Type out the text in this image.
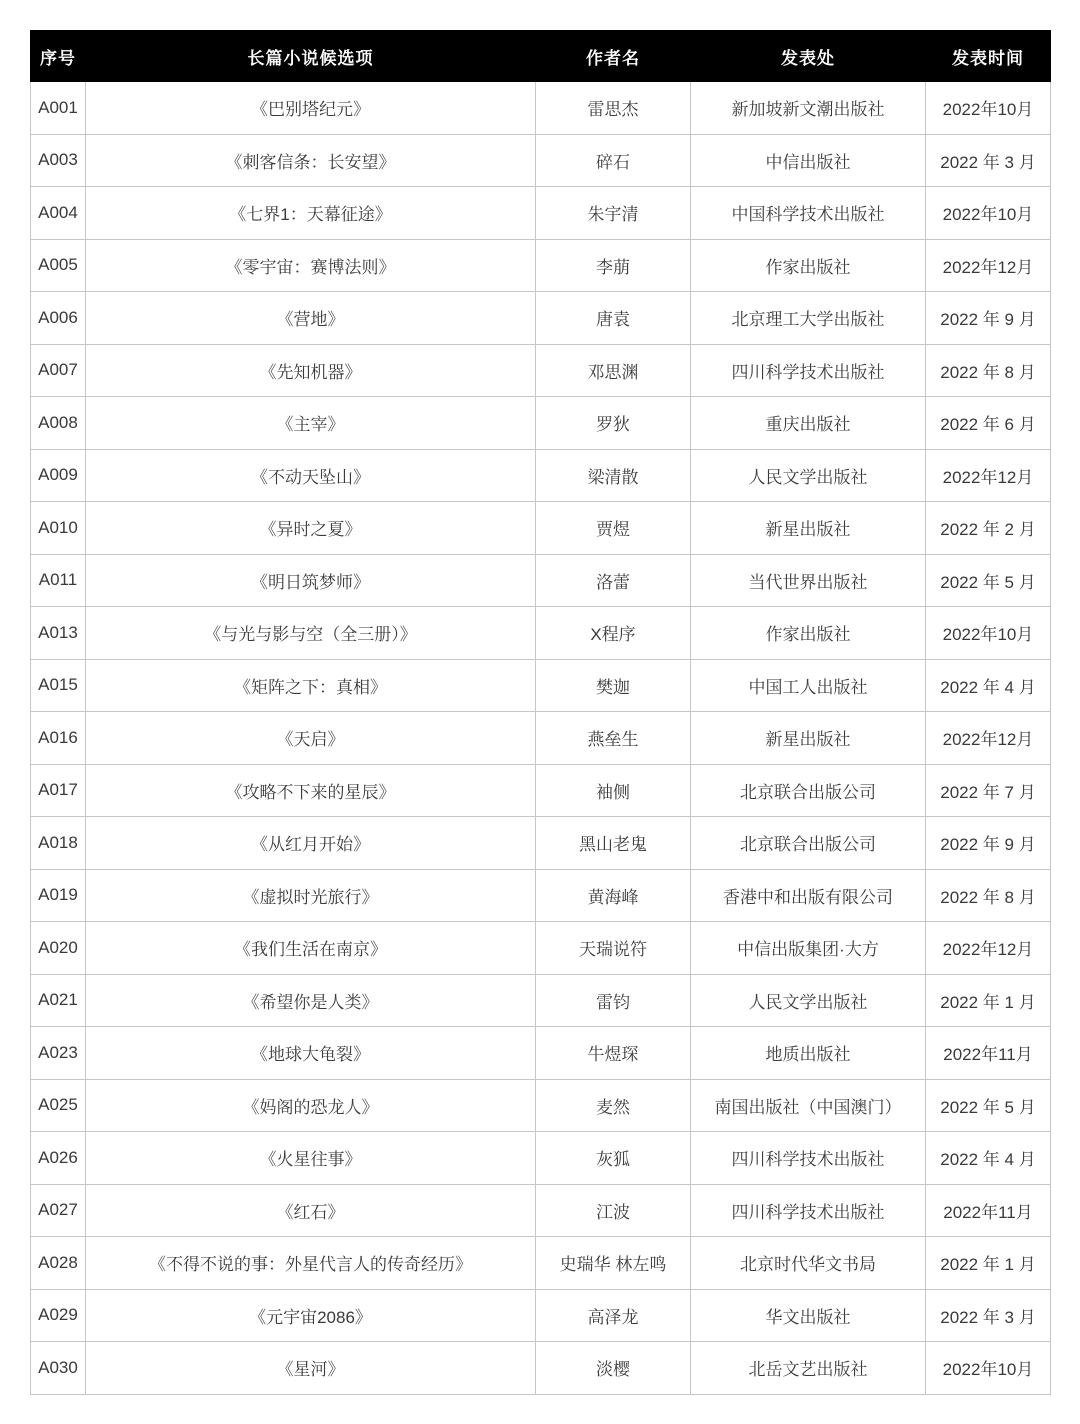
序号	长篇小说候选项	作者名	发表处	发表时间
A001	《巴别塔纪元》	雷思杰	新加坡新文潮出版社	2022年10月
A003	《刺客信条：长安望》	碎石	中信出版社	2022 年 3 月
A004	《七界1：天幕征途》	朱宇清	中国科学技术出版社	2022年10月
A005	《零宇宙：赛博法则》	李萠	作家出版社	2022年12月
A006	《营地》	唐袁	北京理工大学出版社	2022 年 9 月
A007	《先知机器》	邓思渊	四川科学技术出版社	2022 年 8 月
A008	《主宰》	罗狄	重庆出版社	2022 年 6 月
A009	《不动天坠山》	梁清散	人民文学出版社	2022年12月
A010	《异时之夏》	贾煜	新星出版社	2022 年 2 月
A011	《明日筑梦师》	洛蕾	当代世界出版社	2022 年 5 月
A013	《与光与影与空（全三册）》	X程序	作家出版社	2022年10月
A015	《矩阵之下：真相》	樊迦	中国工人出版社	2022 年 4 月
A016	《天启》	燕垒生	新星出版社	2022年12月
A017	《攻略不下来的星辰》	袖侧	北京联合出版公司	2022 年 7 月
A018	《从红月开始》	黑山老鬼	北京联合出版公司	2022 年 9 月
A019	《虚拟时光旅行》	黄海峰	香港中和出版有限公司	2022 年 8 月
A020	《我们生活在南京》	天瑞说符	中信出版集团·大方	2022年12月
A021	《希望你是人类》	雷钧	人民文学出版社	2022 年 1 月
A023	《地球大龟裂》	牛煜琛	地质出版社	2022年11月
A025	《妈阁的恐龙人》	麦然	南国出版社（中国澳门）	2022 年 5 月
A026	《火星往事》	灰狐	四川科学技术出版社	2022 年 4 月
A027	《红石》	江波	四川科学技术出版社	2022年11月
A028	《不得不说的事：外星代言人的传奇经历》	史瑞华 林左鸣	北京时代华文书局	2022 年 1 月
A029	《元宇宙2086》	高泽龙	华文出版社	2022 年 3 月
A030	《星河》	淡樱	北岳文艺出版社	2022年10月
